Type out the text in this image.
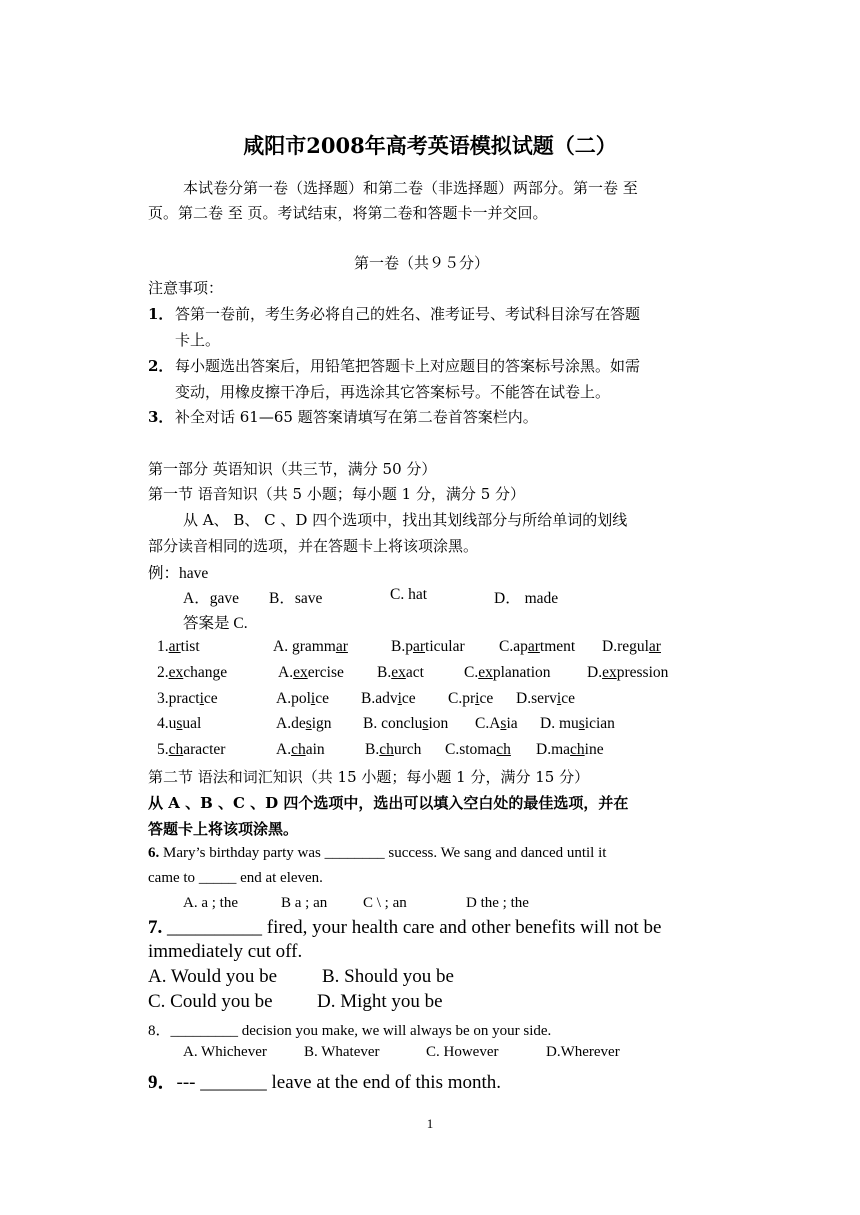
咸阳市2008年高考英语模拟试题（二）
本试卷分第一卷（选择题）和第二卷（非选择题）两部分。第一卷 至
页。第二卷 至 页。考试结束，将第二卷和答题卡一并交回。
第一卷（共９５分）
注意事项：
1． 答第一卷前，考生务必将自己的姓名、准考证号、考试科目涂写在答题
卡上。
2． 每小题选出答案后，用铅笔把答题卡上对应题目的答案标号涂黑。如需
变动，用橡皮擦干净后，再选涂其它答案标号。不能答在试卷上。
3． 补全对话 61—65 题答案请填写在第二卷首答案栏内。
第一部分 英语知识（共三节，满分 50 分）
第一节 语音知识（共 5 小题；每小题 1 分，满分 5 分）
从 A、 B、 C 、D 四个选项中，找出其划线部分与所给单词的划线
部分读音相同的选项，并在答题卡上将该项涂黑。
例：have
A．gave B．save	C. hat	D． made
答案是 C.
1.artist	A. grammar	B.particular C.apartment D.regular
2.exchange	A.exercise B.exact	C.explanation D.expression
3.practice	A.police B.advice C.price D.service
4.usual	A.design B. conclusion C.Asia D. musician
5.character	A.chain	B.church C.stomach D.machine
第二节 语法和词汇知识（共 15 小题；每小题 1 分，满分 15 分）
从 A 、B 、C 、D 四个选项中，选出可以填入空白处的最佳选项，并在
答题卡上将该项涂黑。
6. Mary’s birthday party was ________ success. We sang and danced until it
came to _____ end at eleven.
A. a ; the	B a ; an C \ ; an	D the ; the
7. __________ fired, your health care and other benefits will not be
immediately cut off.
A. Would you be B. Should you be
C. Could you be D. Might you be
8．_________ decision you make, we will always be on your side.
A. Whichever B. Whatever	C. However	D.Wherever
9．--- _______ leave at the end of this month.
1
